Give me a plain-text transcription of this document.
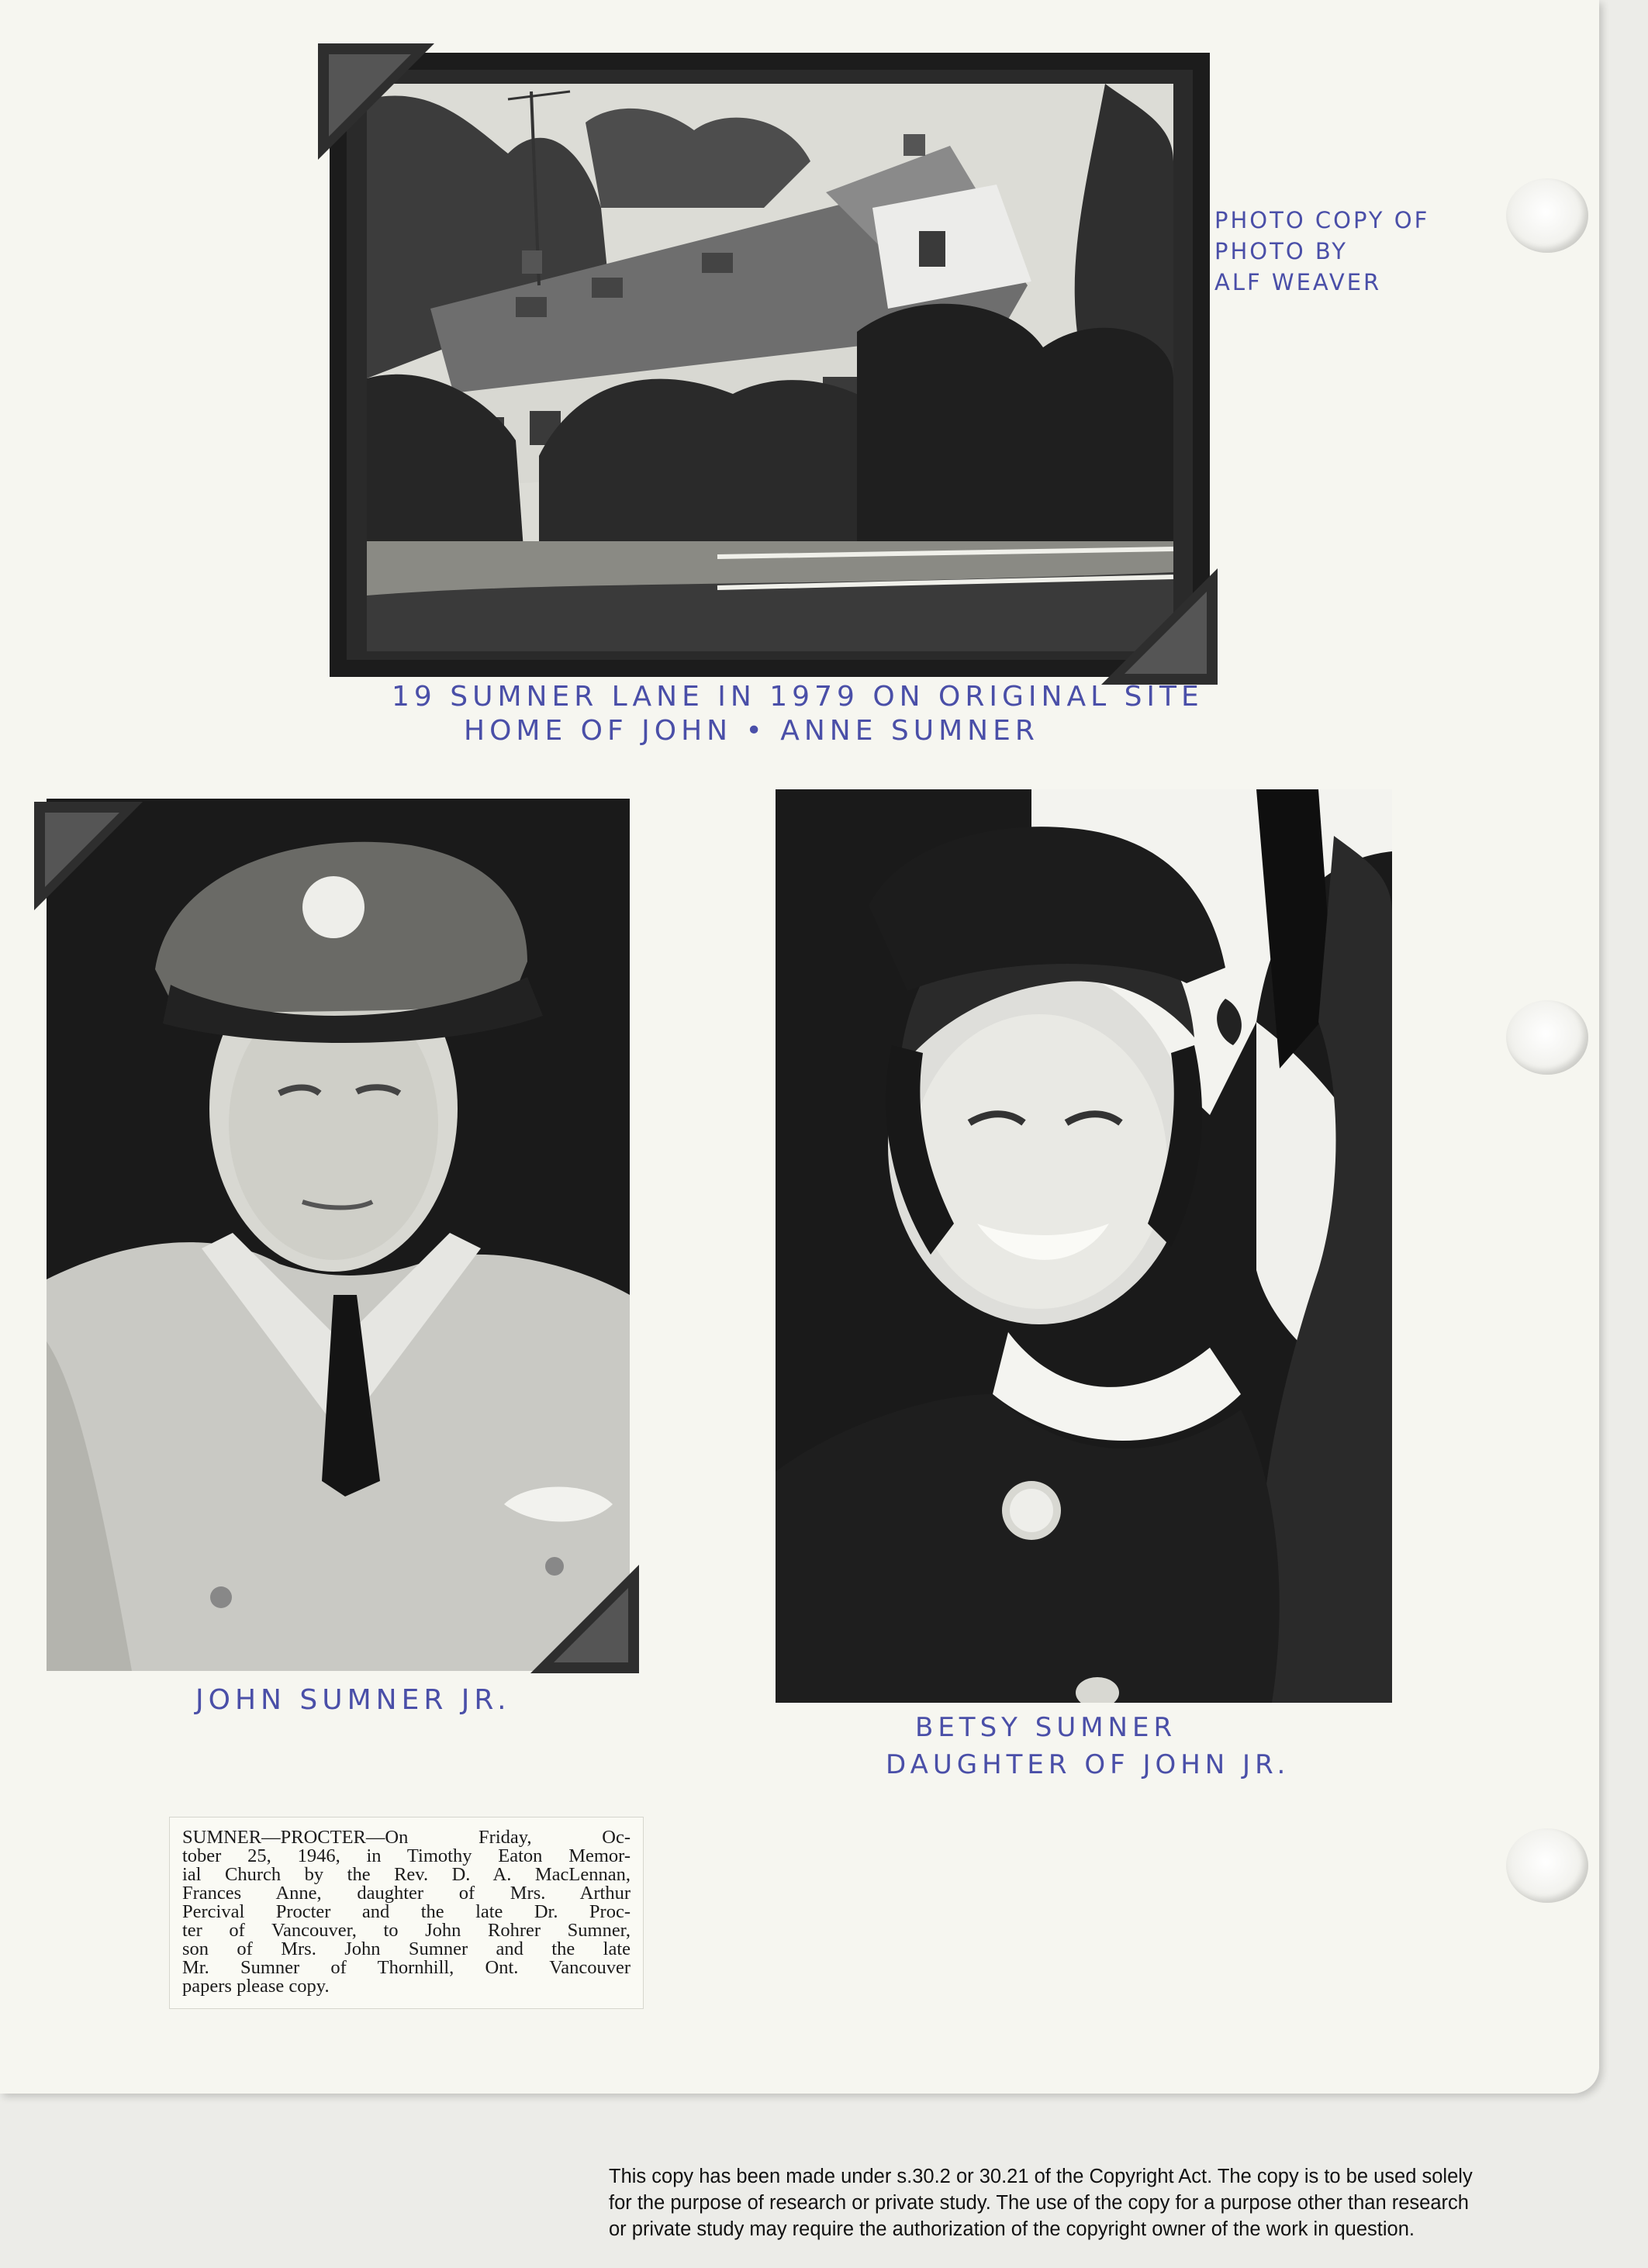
PHOTO COPY OF
PHOTO BY
ALF WEAVER
19 SUMNER LANE IN 1979 ON ORIGINAL SITE
HOME OF JOHN • ANNE SUMNER
JOHN SUMNER JR.
BETSY SUMNER
DAUGHTER OF JOHN JR.
SUMNER—PROCTER—On Friday, Oc-
tober 25, 1946, in Timothy Eaton Memor-
ial Church by the Rev. D. A. MacLennan,
Frances Anne, daughter of Mrs. Arthur
Percival Procter and the late Dr. Proc-
ter of Vancouver, to John Rohrer Sumner,
son of Mrs. John Sumner and the late
Mr. Sumner of Thornhill, Ont. Vancouver
papers please copy.
This copy has been made under s.30.2 or 30.21 of the Copyright Act. The copy is to be used solely
for the purpose of research or private study. The use of the copy for a purpose other than research
or private study may require the authorization of the copyright owner of the work in question.
